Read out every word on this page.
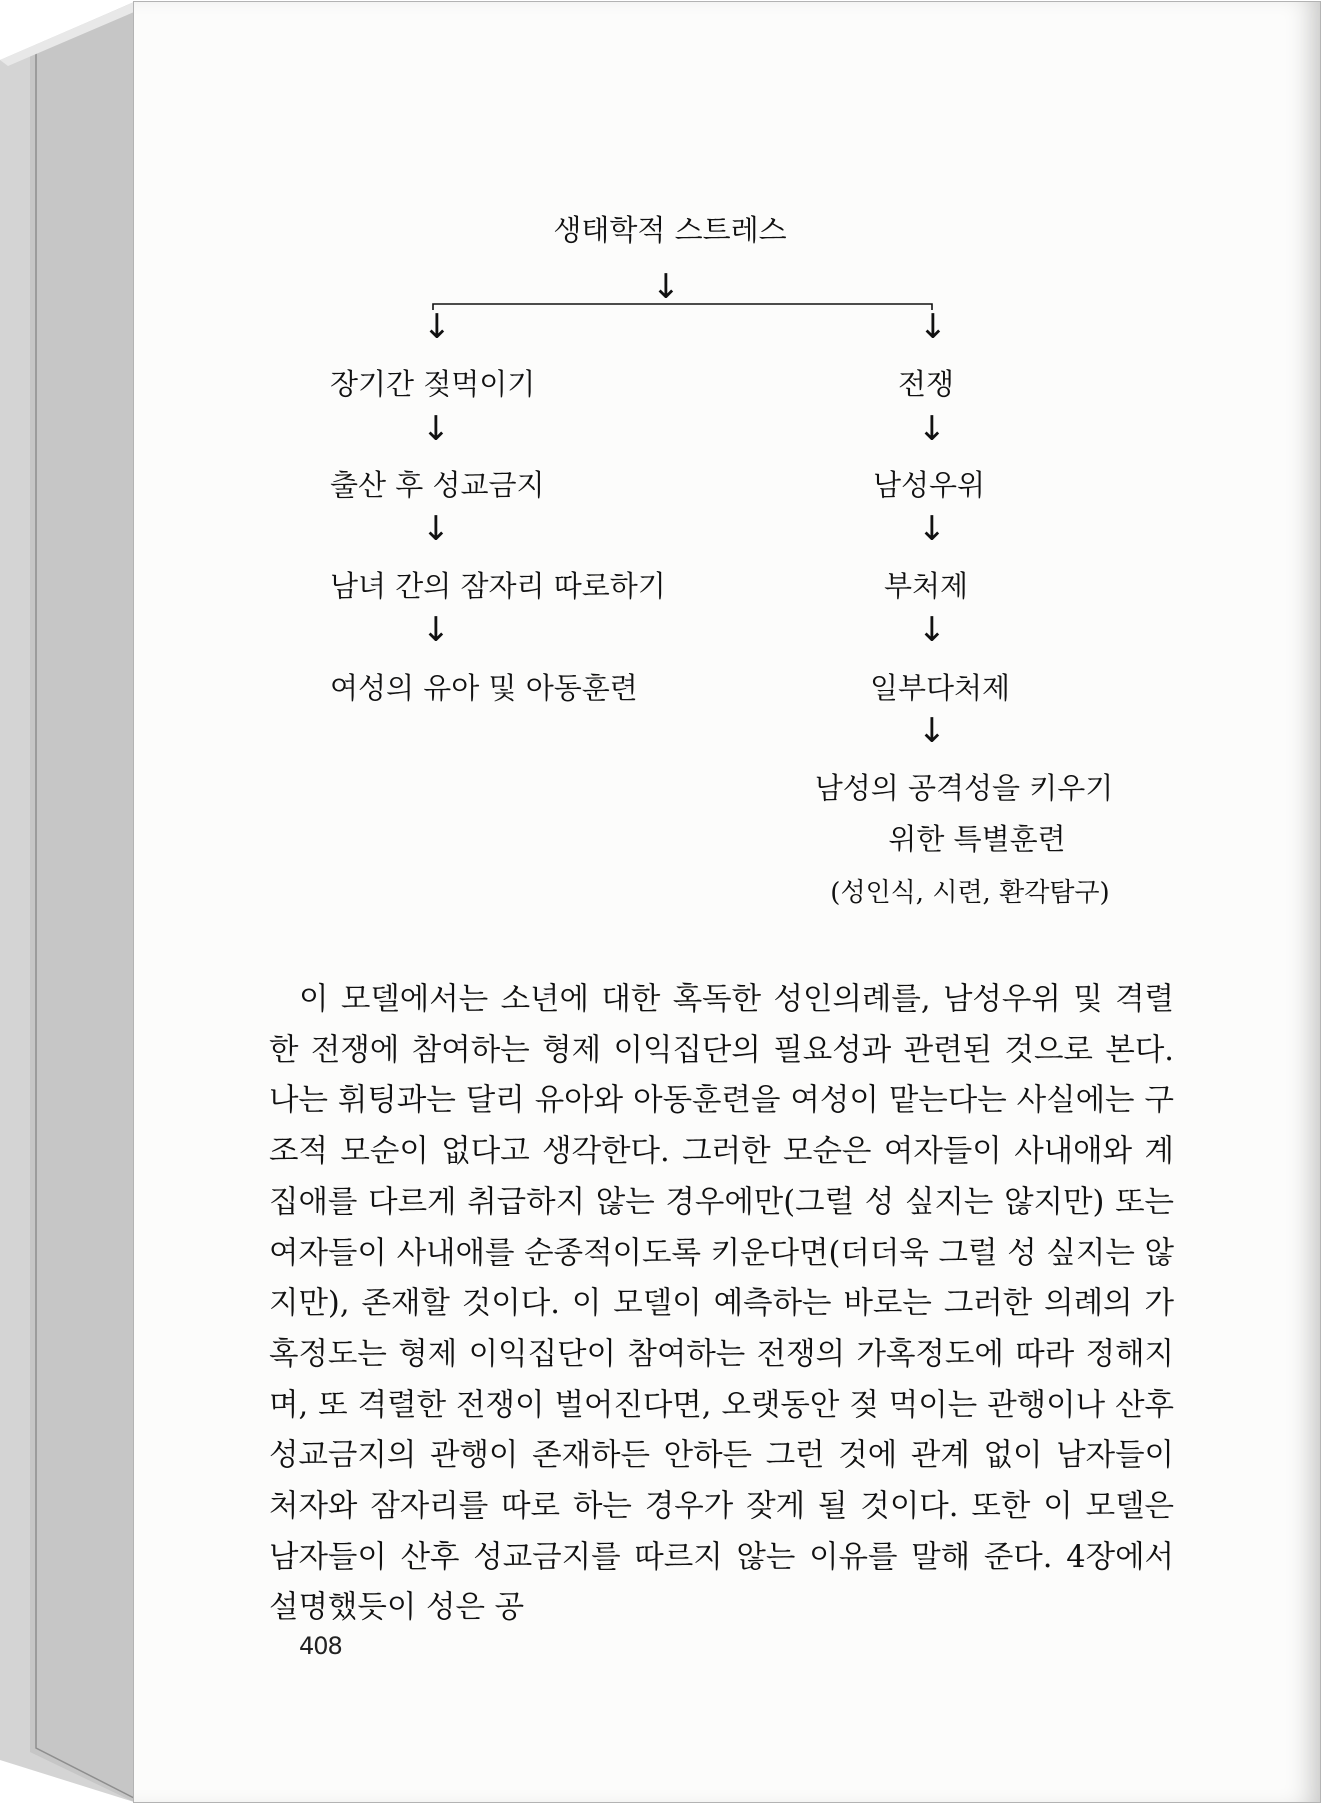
생태학적 스트레스
↓
↓	↓
장기간 젖먹이기
↓
출산 후 성교금지
↓
남녀 간의 잠자리 따로하기
↓
여성의 유아 및 아동훈련
전쟁
↓
남성우위
↓
부처제
↓
일부다처제
↓
남성의 공격성을 키우기
위한 특별훈련
(성인식, 시련, 환각탐구)

이 모델에서는 소년에 대한 혹독한 성인의례를, 남성우위 및 격렬한 전쟁에 참여하는 형제 이익집단의 필요성과 관련된 것으로 본다. 나는 휘팅과는 달리 유아와 아동훈련을 여성이 맡는다는 사실에는 구조적 모순이 없다고 생각한다. 그러한 모순은 여자들이 사내애와 계집애를 다르게 취급하지 않는 경우에만(그럴 성 싶지는 않지만) 또는 여자들이 사내애를 순종적이도록 키운다면(더더욱 그럴 성 싶지는 않지만), 존재할 것이다. 이 모델이 예측하는 바로는 그러한 의례의 가혹정도는 형제 이익집단이 참여하는 전쟁의 가혹정도에 따라 정해지며, 또 격렬한 전쟁이 벌어진다면, 오랫동안 젖 먹이는 관행이나 산후 성교금지의 관행이 존재하든 안하든 그런 것에 관계 없이 남자들이 처자와 잠자리를 따로 하는 경우가 잦게 될 것이다. 또한 이 모델은 남자들이 산후 성교금지를 따르지 않는 이유를 말해 준다. 4장에서 설명했듯이 성은 공

408
